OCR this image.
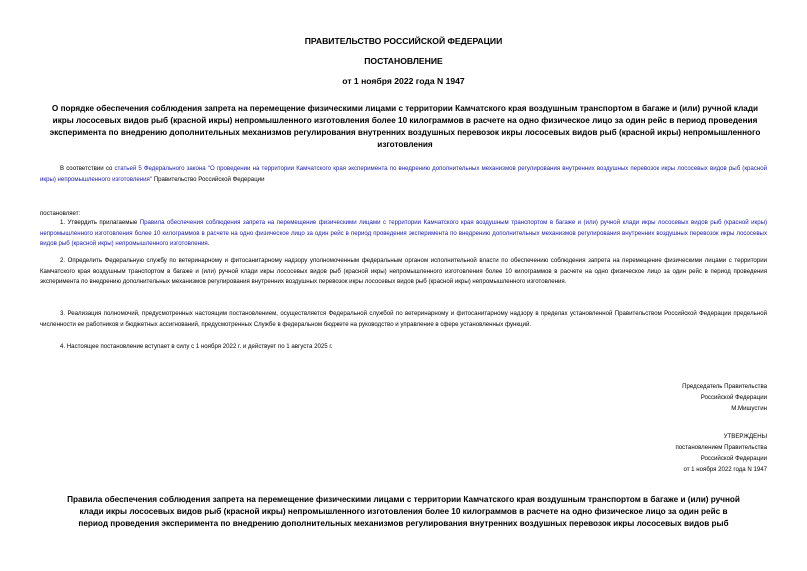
ПРАВИТЕЛЬСТВО РОССИЙСКОЙ ФЕДЕРАЦИИ
ПОСТАНОВЛЕНИЕ
от 1 ноября 2022 года N 1947
О порядке обеспечения соблюдения запрета на перемещение физическими лицами с территории Камчатского края воздушным транспортом в багаже и (или) ручной клади икры лососевых видов рыб (красной икры) непромышленного изготовления более 10 килограммов в расчете на одно физическое лицо за один рейс в период проведения эксперимента по внедрению дополнительных механизмов регулирования внутренних воздушных перевозок икры лососевых видов рыб (красной икры) непромышленного изготовления
В соответствии со статьей 5 Федерального закона "О проведении на территории Камчатского края эксперимента по внедрению дополнительных механизмов регулирования внутренних воздушных перевозок икры лососевых видов рыб (красной икры) непромышленного изготовления" Правительство Российской Федерации
постановляет:
1. Утвердить прилагаемые Правила обеспечения соблюдения запрета на перемещение физическими лицами с территории Камчатского края воздушным транспортом в багаже и (или) ручной клади икры лососевых видов рыб (красной икры) непромышленного изготовления более 10 килограммов в расчете на одно физическое лицо за один рейс в период проведения эксперимента по внедрению дополнительных механизмов регулирования внутренних воздушных перевозок икры лососевых видов рыб (красной икры) непромышленного изготовления.
2. Определить Федеральную службу по ветеринарному и фитосанитарному надзору уполномоченным федеральным органом исполнительной власти по обеспечению соблюдения запрета на перемещение физическими лицами с территории Камчатского края воздушным транспортом в багаже и (или) ручной клади икры лососевых видов рыб (красной икры) непромышленного изготовления более 10 килограммов в расчете на одно физическое лицо за один рейс в период проведения эксперимента по внедрению дополнительных механизмов регулирования внутренних воздушных перевозок икры лососевых видов рыб (красной икры) непромышленного изготовления.
3. Реализация полномочий, предусмотренных настоящим постановлением, осуществляется Федеральной службой по ветеринарному и фитосанитарному надзору в пределах установленной Правительством Российской Федерации предельной численности ее работников и бюджетных ассигнований, предусмотренных Службе в федеральном бюджете на руководство и управление в сфере установленных функций.
4. Настоящее постановление вступает в силу с 1 ноября 2022 г. и действует по 1 августа 2025 г.
Председатель Правительства
Российской Федерации
М.Мишустин
УТВЕРЖДЕНЫ
постановлением Правительства
Российской Федерации
от 1 ноября 2022 года N 1947
Правила обеспечения соблюдения запрета на перемещение физическими лицами с территории Камчатского края воздушным транспортом в багаже и (или) ручной
клади икры лососевых видов рыб (красной икры) непромышленного изготовления более 10 килограммов в расчете на одно физическое лицо за один рейс в
период проведения эксперимента по внедрению дополнительных механизмов регулирования внутренних воздушных перевозок икры лососевых видов рыб
